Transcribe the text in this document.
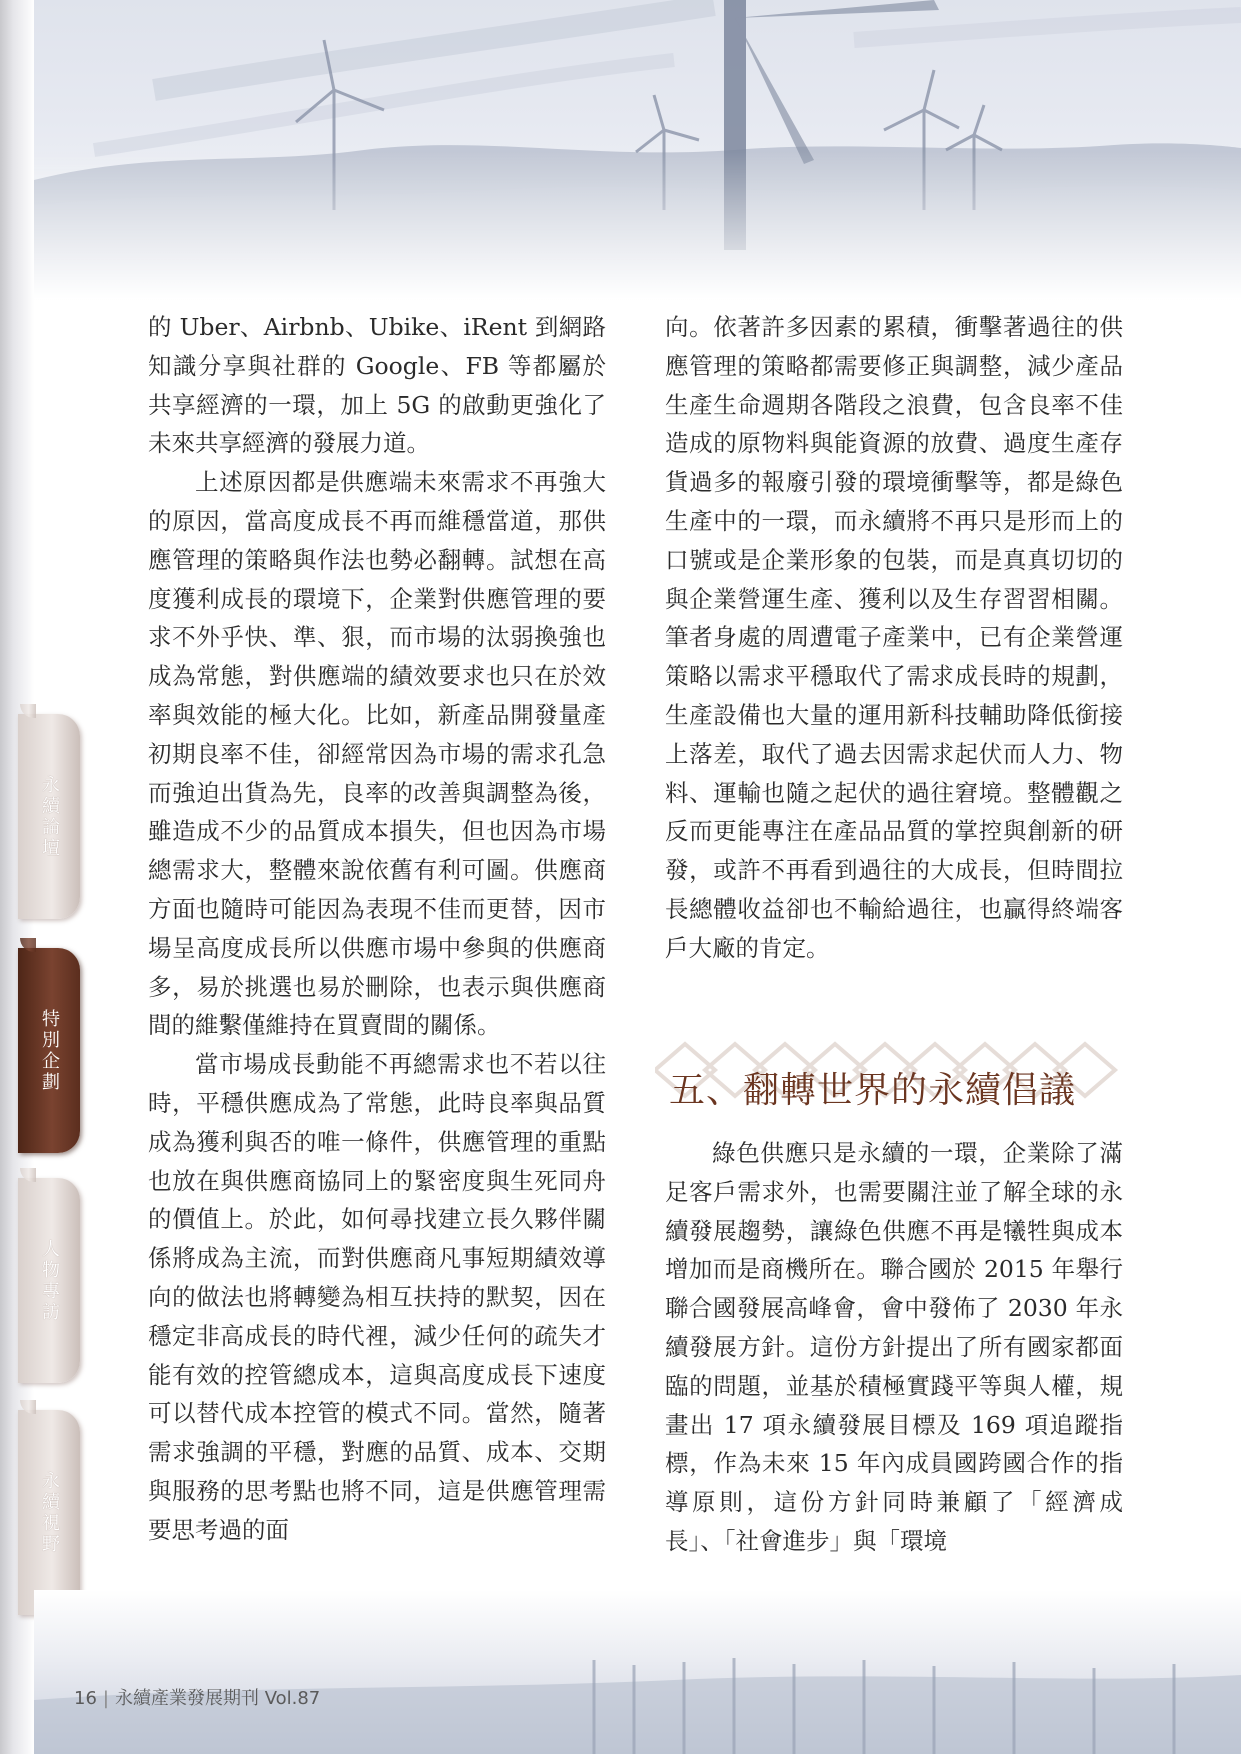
永續論壇
特別企劃
人物專訪
永續視野

的 Uber、Airbnb、Ubike、iRent 到網路知識分享與社群的 Google、FB 等都屬於共享經濟的一環，加上 5G 的啟動更強化了未來共享經濟的發展力道。

上述原因都是供應端未來需求不再強大的原因，當高度成長不再而維穩當道，那供應管理的策略與作法也勢必翻轉。試想在高度獲利成長的環境下，企業對供應管理的要求不外乎快、準、狠，而市場的汰弱換強也成為常態，對供應端的績效要求也只在於效率與效能的極大化。比如，新產品開發量產初期良率不佳，卻經常因為市場的需求孔急而強迫出貨為先，良率的改善與調整為後，雖造成不少的品質成本損失，但也因為市場總需求大，整體來說依舊有利可圖。供應商方面也隨時可能因為表現不佳而更替，因市場呈高度成長所以供應市場中參與的供應商多，易於挑選也易於刪除，也表示與供應商間的維繫僅維持在買賣間的關係。

當市場成長動能不再總需求也不若以往時，平穩供應成為了常態，此時良率與品質成為獲利與否的唯一條件，供應管理的重點也放在與供應商協同上的緊密度與生死同舟的價值上。於此，如何尋找建立長久夥伴關係將成為主流，而對供應商凡事短期績效導向的做法也將轉變為相互扶持的默契，因在穩定非高成長的時代裡，減少任何的疏失才能有效的控管總成本，這與高度成長下速度可以替代成本控管的模式不同。當然，隨著需求強調的平穩，對應的品質、成本、交期與服務的思考點也將不同，這是供應管理需要思考過的面

向。依著許多因素的累積，衝擊著過往的供應管理的策略都需要修正與調整，減少產品生產生命週期各階段之浪費，包含良率不佳造成的原物料與能資源的放費、過度生產存貨過多的報廢引發的環境衝擊等，都是綠色生產中的一環，而永續將不再只是形而上的口號或是企業形象的包裝，而是真真切切的與企業營運生產、獲利以及生存習習相關。筆者身處的周遭電子產業中，已有企業營運策略以需求平穩取代了需求成長時的規劃，生產設備也大量的運用新科技輔助降低銜接上落差，取代了過去因需求起伏而人力、物料、運輸也隨之起伏的過往窘境。整體觀之反而更能專注在產品品質的掌控與創新的研發，或許不再看到過往的大成長，但時間拉長總體收益卻也不輸給過往，也贏得終端客戶大廠的肯定。

五、翻轉世界的永續倡議

綠色供應只是永續的一環，企業除了滿足客戶需求外，也需要關注並了解全球的永續發展趨勢，讓綠色供應不再是犧牲與成本增加而是商機所在。聯合國於 2015 年舉行聯合國發展高峰會，會中發佈了 2030 年永續發展方針。這份方針提出了所有國家都面臨的問題，並基於積極實踐平等與人權，規畫出 17 項永續發展目標及 169 項追蹤指標，作為未來 15 年內成員國跨國合作的指導原則，這份方針同時兼顧了「經濟成長」、「社會進步」與「環境

16 | 永續產業發展期刊 Vol.87
